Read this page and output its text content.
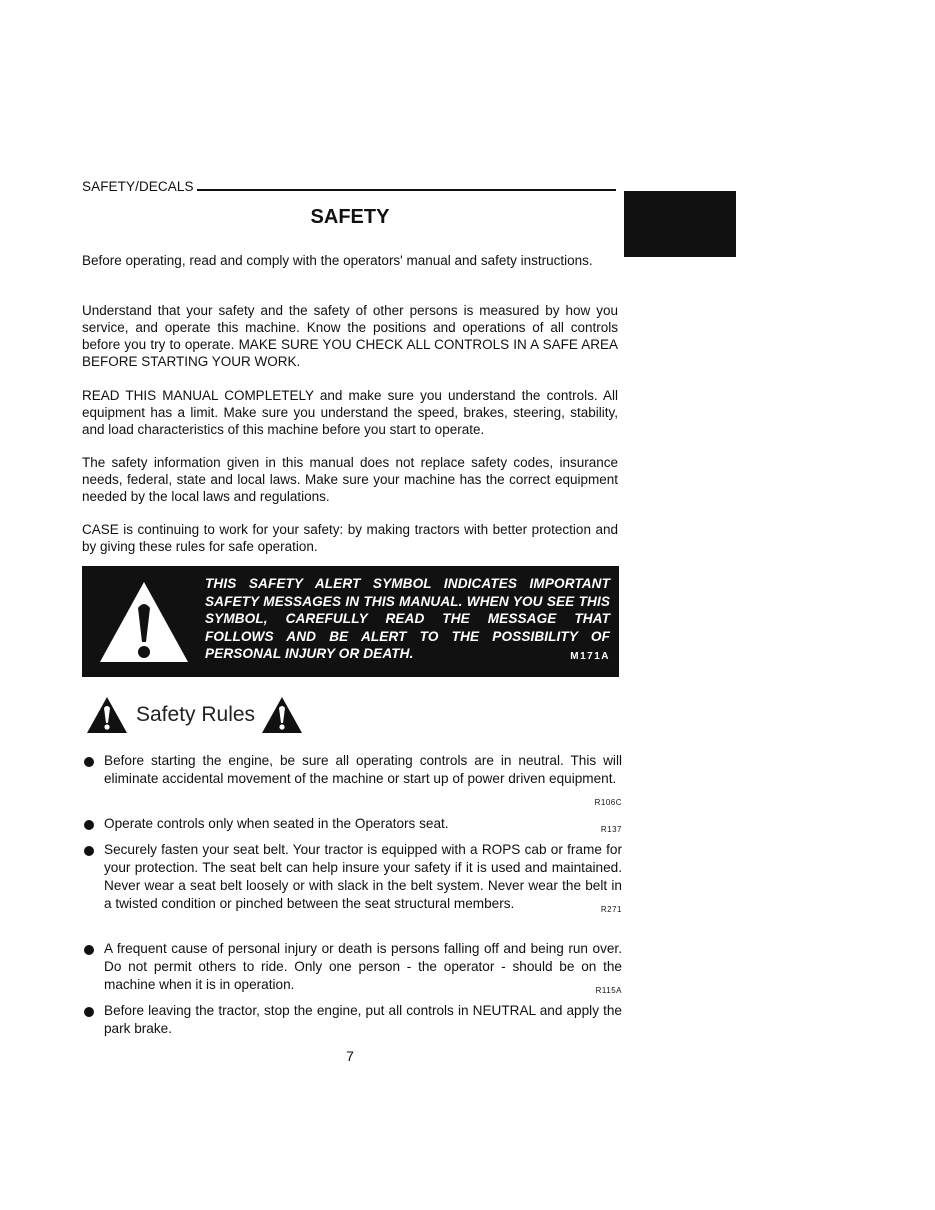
SAFETY/DECALS
SAFETY

Before operating, read and comply with the operators' manual and safety instructions.

Understand that your safety and the safety of other persons is measured by how you service, and operate this machine. Know the positions and operations of all controls before you try to operate. MAKE SURE YOU CHECK ALL CONTROLS IN A SAFE AREA BEFORE STARTING YOUR WORK.

READ THIS MANUAL COMPLETELY and make sure you understand the controls. All equipment has a limit. Make sure you understand the speed, brakes, steering, stability, and load characteristics of this machine before you start to operate.

The safety information given in this manual does not replace safety codes, insurance needs, federal, state and local laws. Make sure your machine has the correct equipment needed by the local laws and regulations.

CASE is continuing to work for your safety: by making tractors with better protection and by giving these rules for safe operation.

THIS SAFETY ALERT SYMBOL INDICATES IMPORTANT SAFETY MESSAGES IN THIS MANUAL. WHEN YOU SEE THIS SYMBOL, CAREFULLY READ THE MESSAGE THAT FOLLOWS AND BE ALERT TO THE POSSIBILITY OF PERSONAL INJURY OR DEATH.	M171A

Safety Rules
Before starting the engine, be sure all operating controls are in neutral. This will eliminate accidental movement of the machine or start up of power driven equipment.
R106C
Operate controls only when seated in the Operators seat.	R137
Securely fasten your seat belt. Your tractor is equipped with a ROPS cab or frame for your protection. The seat belt can help insure your safety if it is used and maintained. Never wear a seat belt loosely or with slack in the belt system. Never wear the belt in a twisted condition or pinched between the seat structural members.	R271
A frequent cause of personal injury or death is persons falling off and being run over. Do not permit others to ride. Only one person - the operator - should be on the machine when it is in operation.	R115A
Before leaving the tractor, stop the engine, put all controls in NEUTRAL and apply the park brake.
7
